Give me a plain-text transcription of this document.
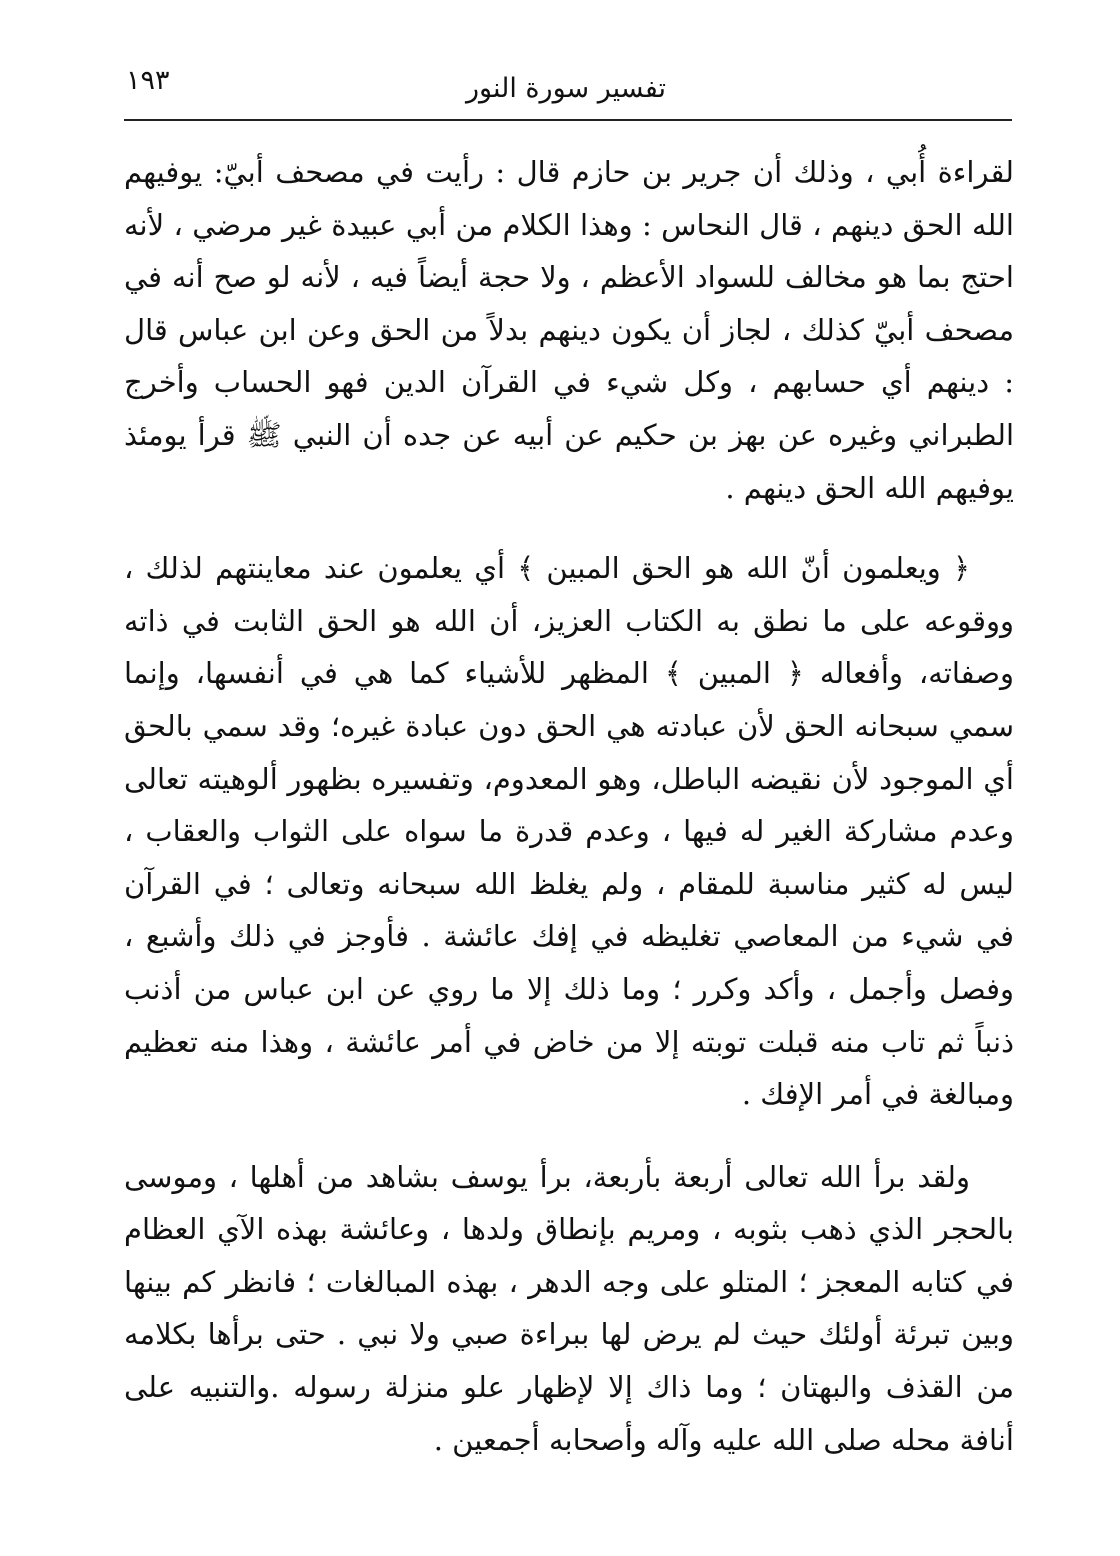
تفسير سورة النور
١٩٣

لقراءة أُبي ، وذلك أن جرير بن حازم قال : رأيت في مصحف أبيّ: يوفيهم الله الحق دينهم ، قال النحاس : وهذا الكلام من أبي عبيدة غير مرضي ، لأنه احتج بما هو مخالف للسواد الأعظم ، ولا حجة أيضاً فيه ، لأنه لو صح أنه في مصحف أبيّ كذلك ، لجاز أن يكون دينهم بدلاً من الحق وعن ابن عباس قال : دينهم أي حسابهم ، وكل شيء في القرآن الدين فهو الحساب وأخرج الطبراني وغيره عن بهز بن حكيم عن أبيه عن جده أن النبي ﷺ قرأ يومئذ يوفيهم الله الحق دينهم .

﴿ ويعلمون أنّ الله هو الحق المبين ﴾ أي يعلمون عند معاينتهم لذلك ، ووقوعه على ما نطق به الكتاب العزيز، أن الله هو الحق الثابت في ذاته وصفاته، وأفعاله ﴿ المبين ﴾ المظهر للأشياء كما هي في أنفسها، وإنما سمي سبحانه الحق لأن عبادته هي الحق دون عبادة غيره؛ وقد سمي بالحق أي الموجود لأن نقيضه الباطل، وهو المعدوم، وتفسيره بظهور ألوهيته تعالى وعدم مشاركة الغير له فيها ، وعدم قدرة ما سواه على الثواب والعقاب ، ليس له كثير مناسبة للمقام ، ولم يغلظ الله سبحانه وتعالى ؛ في القرآن في شيء من المعاصي تغليظه في إفك عائشة . فأوجز في ذلك وأشبع ، وفصل وأجمل ، وأكد وكرر ؛ وما ذلك إلا ما روي عن ابن عباس من أذنب ذنباً ثم تاب منه قبلت توبته إلا من خاض في أمر عائشة ، وهذا منه تعظيم ومبالغة في أمر الإفك .

ولقد برأ الله تعالى أربعة بأربعة، برأ يوسف بشاهد من أهلها ، وموسى بالحجر الذي ذهب بثوبه ، ومريم بإنطاق ولدها ، وعائشة بهذه الآي العظام في كتابه المعجز ؛ المتلو على وجه الدهر ، بهذه المبالغات ؛ فانظر كم بينها وبين تبرئة أولئك حيث لم يرض لها ببراءة صبي ولا نبي . حتى برأها بكلامه من القذف والبهتان ؛ وما ذاك إلا لإظهار علو منزلة رسوله .والتنبيه على أنافة محله صلى الله عليه وآله وأصحابه أجمعين .
